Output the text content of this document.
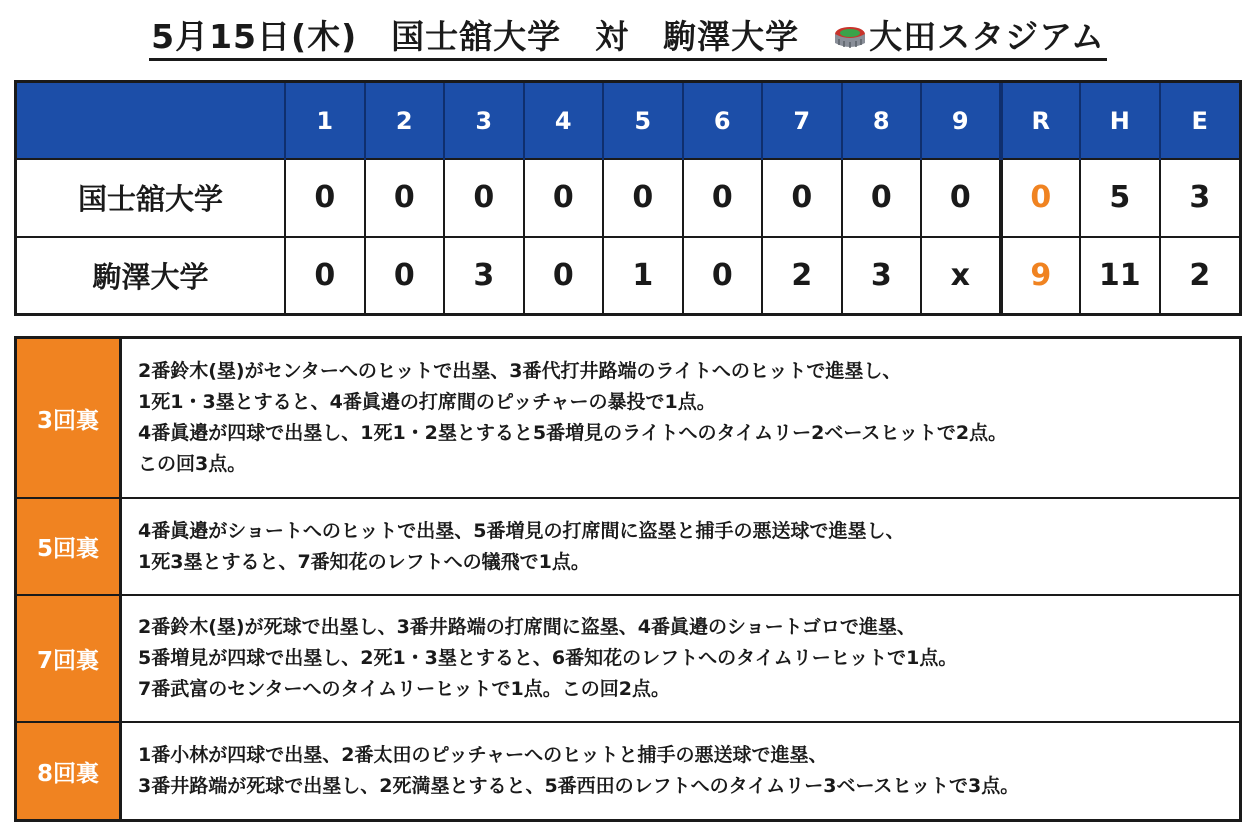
5月15日(木) 国士舘大学 対 駒澤大学 大田スタジアム
	1	2	3	4	5	6	7	8	9	R	H	E
国士舘大学	0	0	0	0	0	0	0	0	0	0	5	3
駒澤大学	0	0	3	0	1	0	2	3	x	9	11	2
3回裏
2番鈴木(塁)がセンターへのヒットで出塁、3番代打井路端のライトへのヒットで進塁し、
1死1・3塁とすると、4番眞邉の打席間のピッチャーの暴投で1点。
4番眞邉が四球で出塁し、1死1・2塁とすると5番増見のライトへのタイムリー2ベースヒットで2点。
この回3点。
5回裏
4番眞邉がショートへのヒットで出塁、5番増見の打席間に盗塁と捕手の悪送球で進塁し、
1死3塁とすると、7番知花のレフトへの犠飛で1点。
7回裏
2番鈴木(塁)が死球で出塁し、3番井路端の打席間に盗塁、4番眞邉のショートゴロで進塁、
5番増見が四球で出塁し、2死1・3塁とすると、6番知花のレフトへのタイムリーヒットで1点。
7番武富のセンターへのタイムリーヒットで1点。この回2点。
8回裏
1番小林が四球で出塁、2番太田のピッチャーへのヒットと捕手の悪送球で進塁、
3番井路端が死球で出塁し、2死満塁とすると、5番西田のレフトへのタイムリー3ベースヒットで3点。
